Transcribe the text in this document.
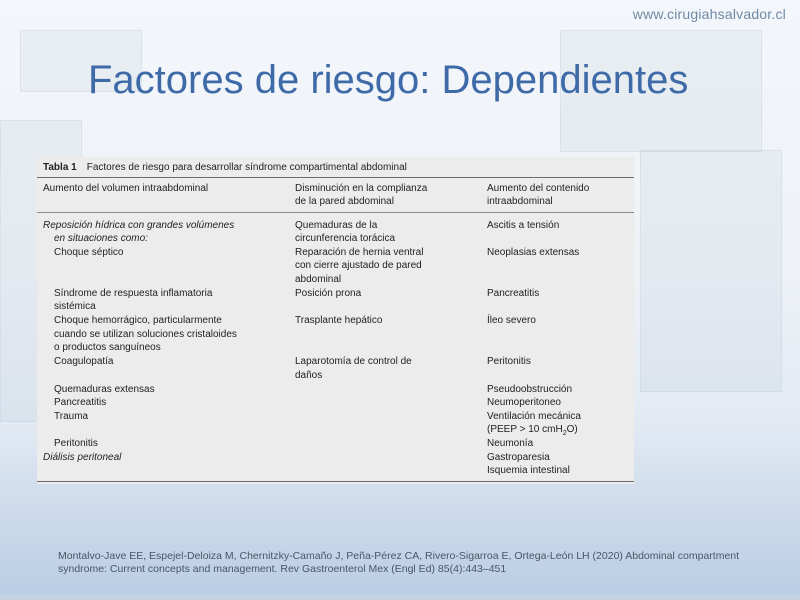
www.cirugiahsalvador.cl
Factores de riesgo: Dependientes
Tabla 1 Factores de riesgo para desarrollar síndrome compartimental abdominal
Aumento del volumen intraabdominal	Disminución en la complianza
de la pared abdominal
Aumento del contenido
intraabdominal
Reposición hídrica con grandes volúmenes
en situaciones como:
Choque séptico
Síndrome de respuesta inflamatoria
sistémica
Choque hemorrágico, particularmente
cuando se utilizan soluciones cristaloides
o productos sanguíneos
Coagulopatía
Quemaduras extensas
Pancreatitis
Trauma
Peritonitis
Diálisis peritoneal
Quemaduras de la
circunferencia torácica
Reparación de hernia ventral
con cierre ajustado de pared
abdominal
Posición prona
Trasplante hepático
Laparotomía de control de
daños
Ascitis a tensión
Neoplasias extensas
Pancreatitis
Íleo severo
Peritonitis
Pseudoobstrucción
Neumoperitoneo
Ventilación mecánica
(PEEP > 10 cmH$_2$O)
Neumonía
Gastroparesia
Isquemia intestinal
Montalvo-Jave EE, Espejel-Deloiza M, Chernitzky-Camaño J, Peña-Pérez CA, Rivero-Sigarroa E, Ortega-León LH (2020) Abdominal compartment
syndrome: Current concepts and management. Rev Gastroenterol Mex (Engl Ed) 85(4):443–451
